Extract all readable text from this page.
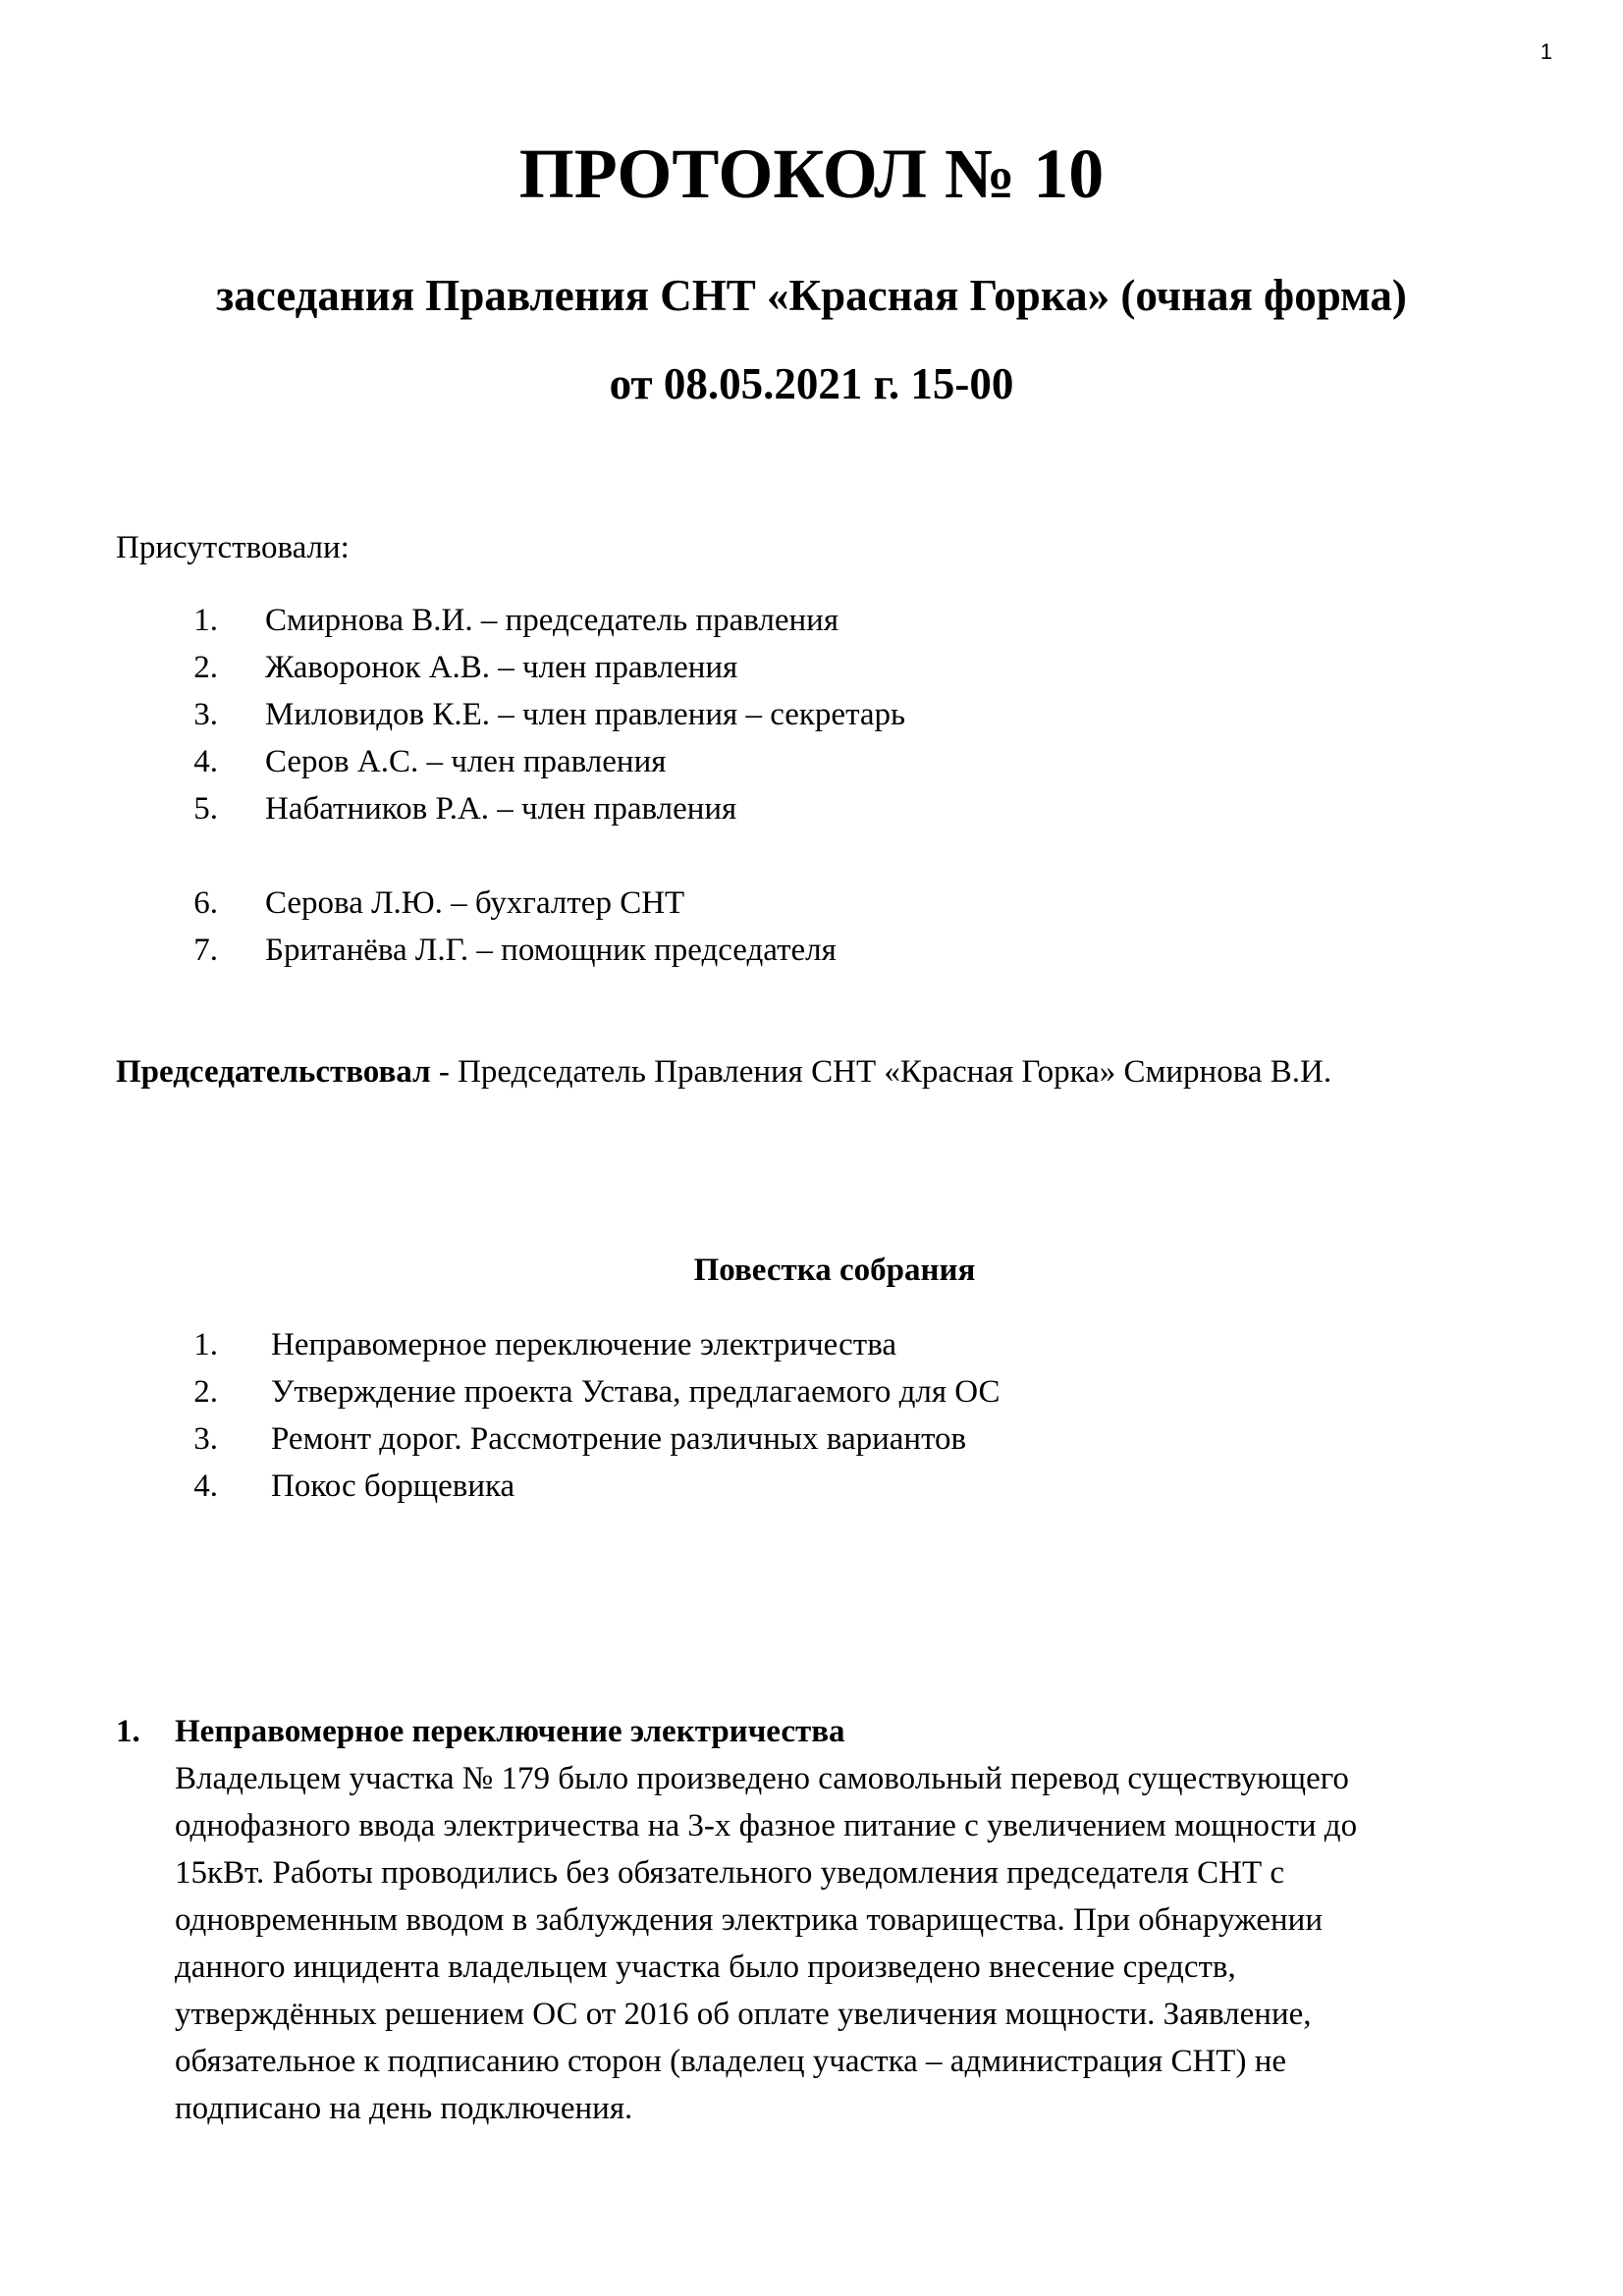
1
ПРОТОКОЛ № 10
заседания Правления СНТ «Красная Горка» (очная форма)
от 08.05.2021 г. 15-00
Присутствовали:
1. Смирнова В.И. – председатель правления
2. Жаворонок А.В. – член правления
3. Миловидов К.Е. – член правления – секретарь
4. Серов А.С. – член правления
5. Набатников Р.А. – член правления
6. Серова Л.Ю. – бухгалтер СНТ
7. Британёва Л.Г. – помощник председателя
Председательствовал - Председатель Правления СНТ «Красная Горка» Смирнова В.И.
Повестка собрания
1. Неправомерное переключение электричества
2. Утверждение проекта Устава, предлагаемого для ОС
3. Ремонт дорог. Рассмотрение различных вариантов
4. Покос борщевика
1.	Неправомерное переключение электричества

Владельцем участка № 179 было произведено самовольный перевод существующего
однофазного ввода электричества на 3-х фазное питание с увеличением мощности до
15кВт. Работы проводились без обязательного уведомления председателя СНТ с
одновременным вводом в заблуждения электрика товарищества. При обнаружении
данного инцидента владельцем участка было произведено внесение средств,
утверждённых решением ОС от 2016 об оплате увеличения мощности. Заявление,
обязательное к подписанию сторон (владелец участка – администрация СНТ) не
подписано на день подключения.
